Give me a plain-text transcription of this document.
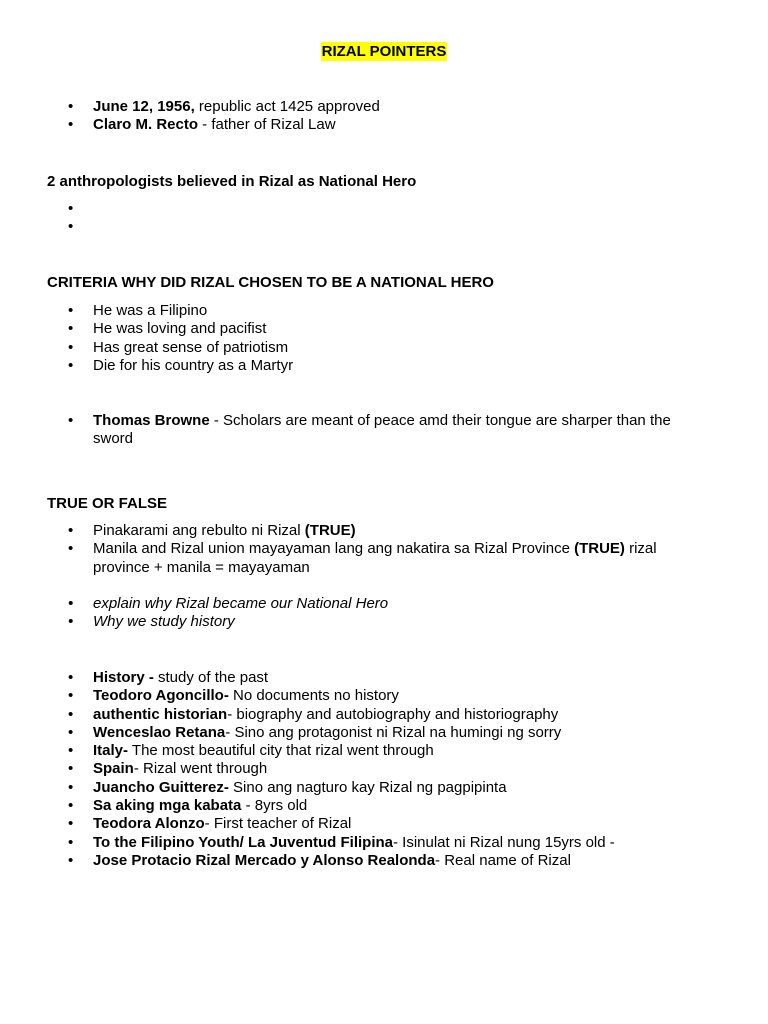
RIZAL POINTERS
• June 12, 1956, republic act 1425 approved
• Claro M. Recto - father of Rizal Law

2 anthropologists believed in Rizal as National Hero

•
•

CRITERIA WHY DID RIZAL CHOSEN TO BE A NATIONAL HERO

• He was a Filipino
• He was loving and pacifist
• Has great sense of patriotism
• Die for his country as a Martyr
• Thomas Browne - Scholars are meant of peace amd their tongue are sharper than the sword

TRUE OR FALSE

• Pinakarami ang rebulto ni Rizal (TRUE)
• Manila and Rizal union mayayaman lang ang nakatira sa Rizal Province (TRUE) rizal province + manila = mayayaman
• explain why Rizal became our National Hero
• Why we study history
• History - study of the past
• Teodoro Agoncillo- No documents no history
• authentic historian- biography and autobiography and historiography
• Wenceslao Retana- Sino ang protagonist ni Rizal na humingi ng sorry
• Italy- The most beautiful city that rizal went through
• Spain- Rizal went through
• Juancho Guitterez- Sino ang nagturo kay Rizal ng pagpipinta
• Sa aking mga kabata - 8yrs old
• Teodora Alonzo- First teacher of Rizal
• To the Filipino Youth/ La Juventud Filipina- Isinulat ni Rizal nung 15yrs old -
• Jose Protacio Rizal Mercado y Alonso Realonda- Real name of Rizal
